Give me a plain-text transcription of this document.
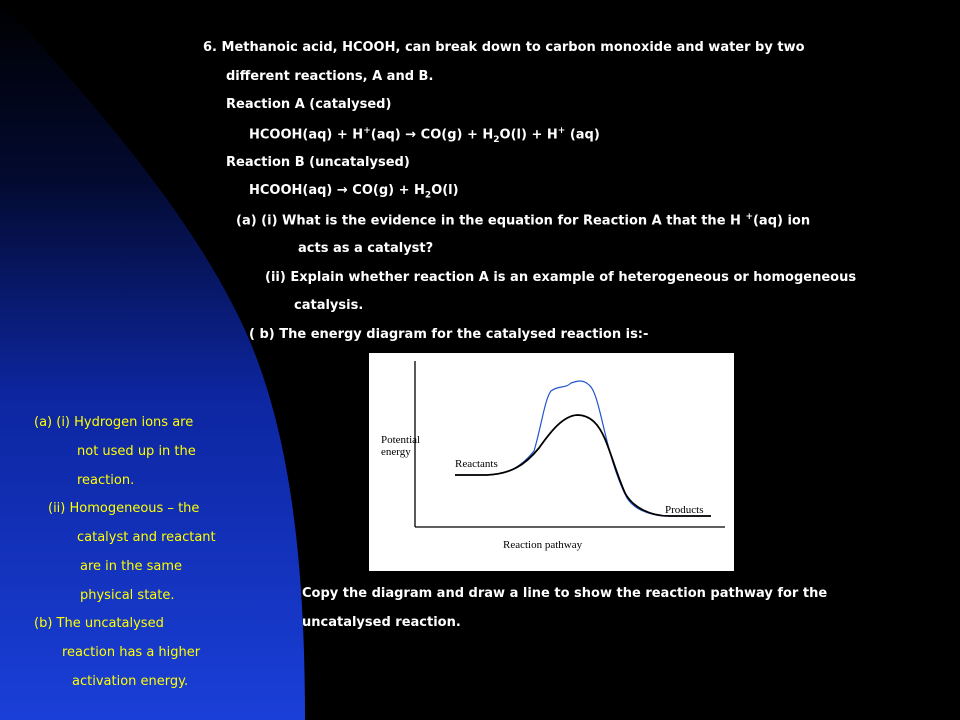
6. Methanoic acid, HCOOH, can break down to carbon monoxide and water by two
different reactions, A and B.
Reaction A (catalysed)
HCOOH(aq) + $H^+(aq) \to CO(g) + H_2O(l) + H^+$ (aq)
Reaction B (uncatalysed)
HCOOH(aq) → $CO(g) + H_2O(l)$
(a) (i) What is the evidence in the equation for Reaction A that the H +(aq) ion
acts as a catalyst?
(ii) Explain whether reaction A is an example of heterogeneous or homogeneous
catalysis.
( b) The energy diagram for the catalysed reaction is:-
Potential
energy
Reactants
Products
Reaction pathway
Copy the diagram and draw a line to show the reaction pathway for the
uncatalysed reaction.
(a) (i) Hydrogen ions are
not used up in the
reaction.
(ii) Homogeneous – the
catalyst and reactant
are in the same
physical state.
(b) The uncatalysed
reaction has a higher
activation energy.
